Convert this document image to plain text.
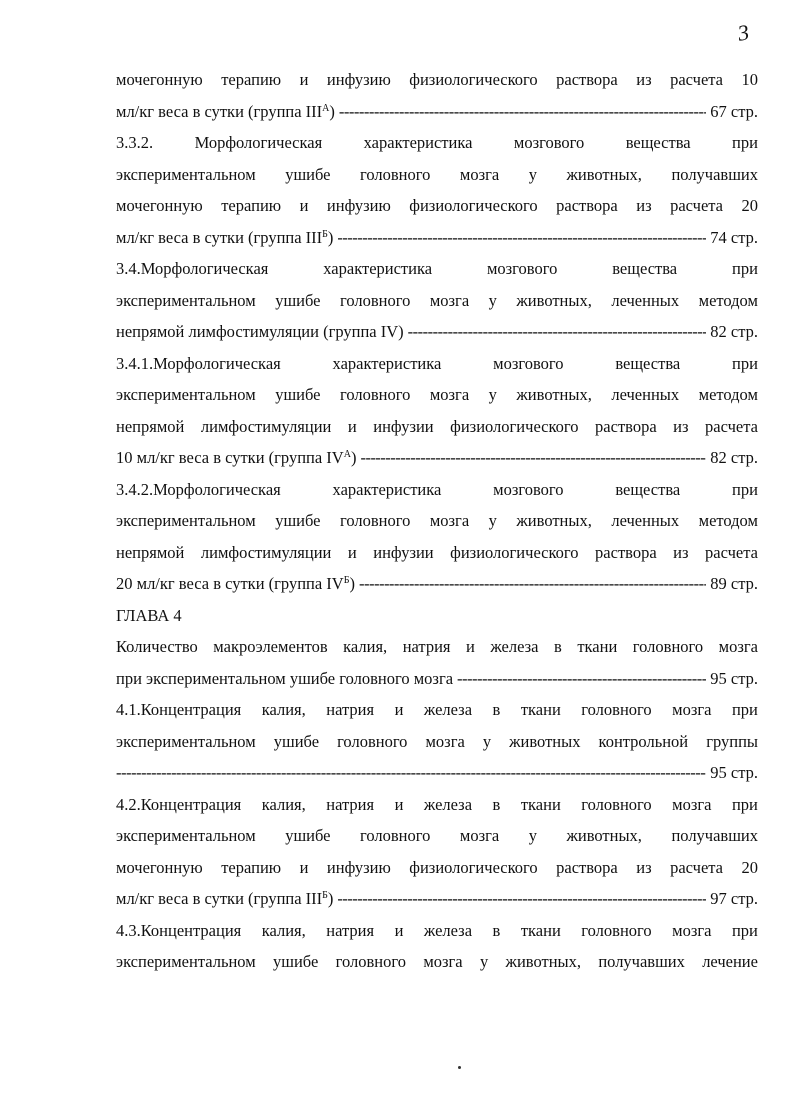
3
мочегонную терапию и инфузию физиологического раствора из расчета 10
мл/кг веса в сутки (группа $III^А$) -----	67 стр.
3.3.2.	Морфологическая	характеристика	мозгового	вещества	при
экспериментальном ушибе головного мозга у животных, получавших
мочегонную терапию и инфузию физиологического раствора из расчета 20
мл/кг веса в сутки (группа $III^Б$) -----	74 стр.
3.4.Морфологическая	характеристика	мозгового	вещества	при
экспериментальном ушибе головного мозга у животных, леченных методом
непрямой лимфостимуляции (группа IV) -----	82 стр.
3.4.1.Морфологическая	характеристика	мозгового	вещества	при
экспериментальном ушибе головного мозга у животных, леченных методом
непрямой лимфостимуляции и инфузии физиологического раствора из расчета
10 мл/кг веса в сутки (группа $IV^А$) -----	82 стр.
3.4.2.Морфологическая	характеристика	мозгового	вещества	при
экспериментальном ушибе головного мозга у животных, леченных методом
непрямой лимфостимуляции и инфузии физиологического раствора из расчета
20 мл/кг веса в сутки (группа $IV^Б$) -----	89 стр.
ГЛАВА 4
Количество макроэлементов калия, натрия и железа в ткани головного мозга
при экспериментальном ушибе головного мозга -----	95 стр.
4.1.Концентрация калия, натрия и железа в ткани головного мозга при
экспериментальном ушибе головного мозга у животных контрольной группы
-----
95 стр.
4.2.Концентрация калия, натрия и железа в ткани головного мозга при
экспериментальном ушибе головного мозга у животных, получавших
мочегонную терапию и инфузию физиологического раствора из расчета 20
мл/кг веса в сутки (группа $III^Б$) -----	97 стр.
4.3.Концентрация калия, натрия и железа в ткани головного мозга при
экспериментальном ушибе головного мозга у животных, получавших лечение
